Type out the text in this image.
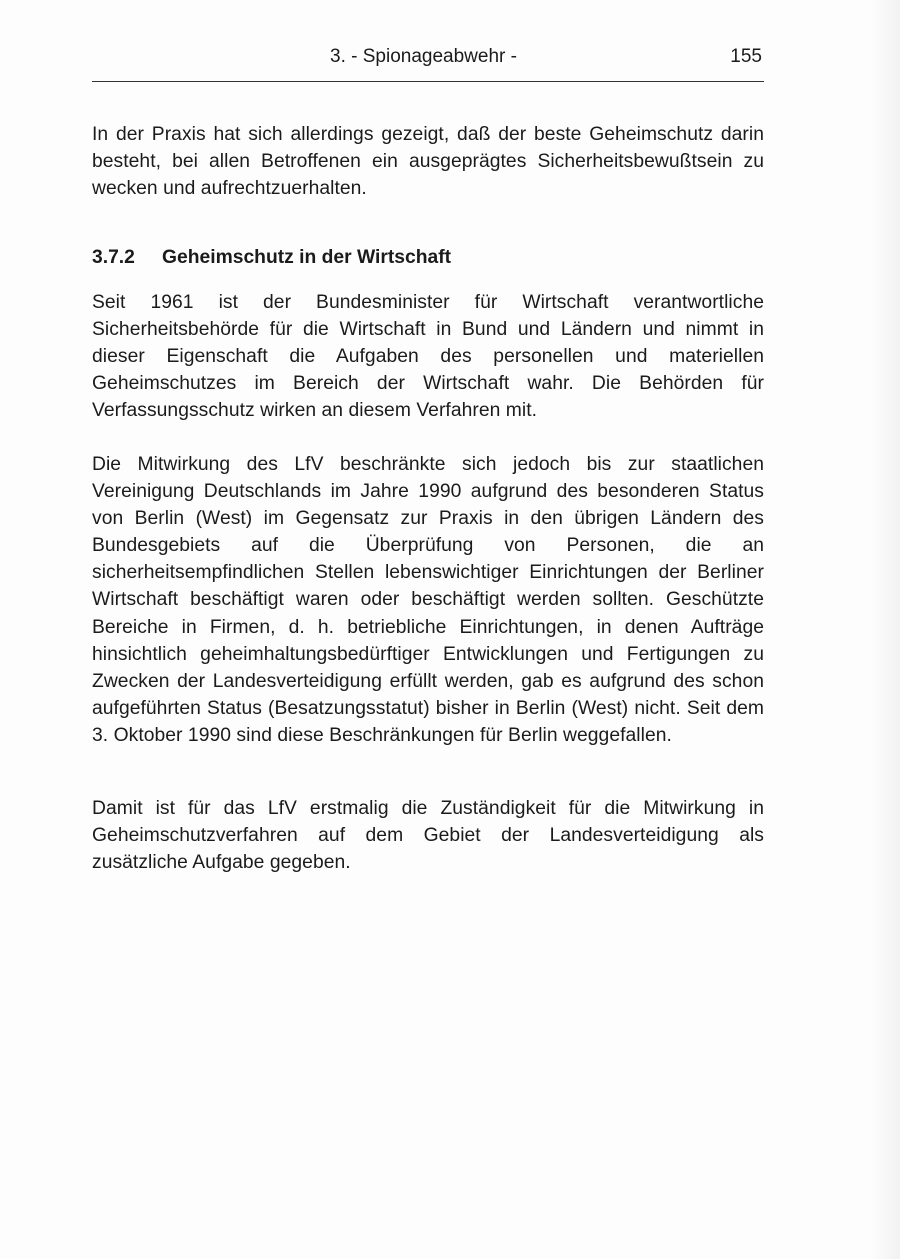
3. - Spionageabwehr -	155

In der Praxis hat sich allerdings gezeigt, daß der beste Geheimschutz darin besteht, bei allen Betroffenen ein ausgeprägtes Sicherheitsbewußtsein zu wecken und aufrechtzuerhalten.

3.7.2 Geheimschutz in der Wirtschaft

Seit 1961 ist der Bundesminister für Wirtschaft verantwortliche Sicherheitsbehörde für die Wirtschaft in Bund und Ländern und nimmt in dieser Eigenschaft die Aufgaben des personellen und materiellen Geheimschutzes im Bereich der Wirtschaft wahr. Die Behörden für Verfassungsschutz wirken an diesem Verfahren mit.

Die Mitwirkung des LfV beschränkte sich jedoch bis zur staatlichen Vereinigung Deutschlands im Jahre 1990 aufgrund des besonderen Status von Berlin (West) im Gegensatz zur Praxis in den übrigen Ländern des Bundesgebiets auf die Überprüfung von Personen, die an sicherheitsempfindlichen Stellen lebenswichtiger Einrichtungen der Berliner Wirtschaft beschäftigt waren oder beschäftigt werden sollten. Geschützte Bereiche in Firmen, d. h. betriebliche Einrichtungen, in denen Aufträge hinsichtlich geheimhaltungsbedürftiger Entwicklungen und Fertigungen zu Zwecken der Landesverteidigung erfüllt werden, gab es aufgrund des schon aufgeführten Status (Besatzungsstatut) bisher in Berlin (West) nicht. Seit dem 3. Oktober 1990 sind diese Beschränkungen für Berlin weggefallen.

Damit ist für das LfV erstmalig die Zuständigkeit für die Mitwirkung in Geheimschutzverfahren auf dem Gebiet der Landesverteidigung als zusätzliche Aufgabe gegeben.
